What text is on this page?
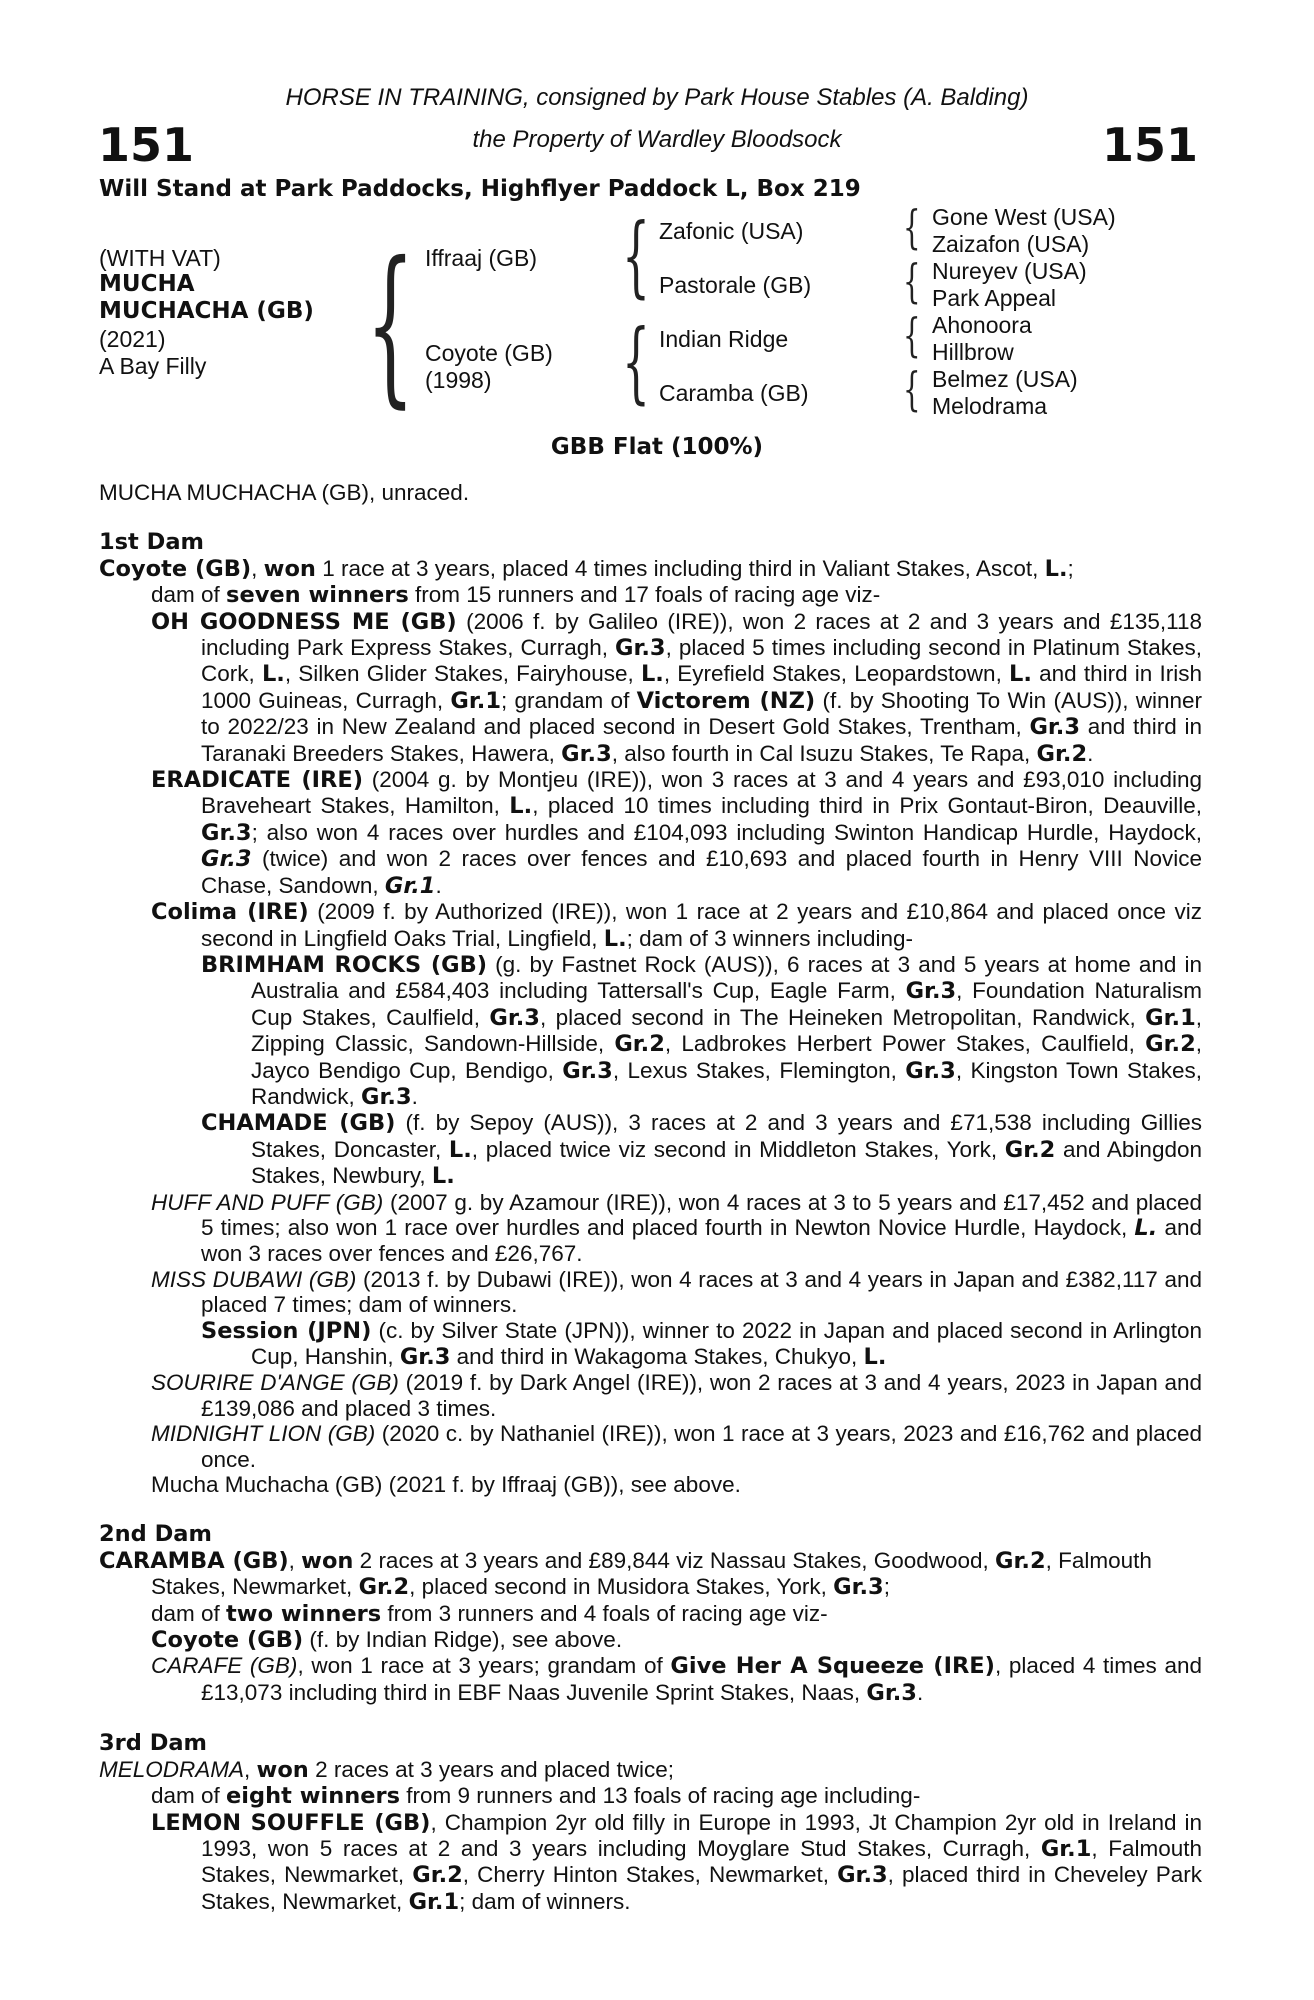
151	151
HORSE IN TRAINING, consigned by Park House Stables (A. Balding)
the Property of Wardley Bloodsock
Will Stand at Park Paddocks, Highflyer Paddock L, Box 219
(WITH VAT)
MUCHA
MUCHACHA (GB)
(2021)
A Bay Filly { {
{
{
{
{
{
Iffraaj (GB)
Coyote (GB)
(1998)
Zafonic (USA)
Pastorale (GB)
Indian Ridge
Caramba (GB)
Gone West (USA)
Zaizafon (USA)
Nureyev (USA)
Park Appeal
Ahonoora
Hillbrow
Belmez (USA)
Melodrama
GBB Flat (100%)

MUCHA MUCHACHA (GB), unraced.

1st Dam

Coyote (GB), won 1 race at 3 years, placed 4 times including third in Valiant Stakes, Ascot, L.;
dam of seven winners from 15 runners and 17 foals of racing age viz-

OH GOODNESS ME (GB) (2006 f. by Galileo (IRE)), won 2 races at 2 and 3 years and £135,118 including Park Express Stakes, Curragh, Gr.3, placed 5 times including second in Platinum Stakes, Cork, L., Silken Glider Stakes, Fairyhouse, L., Eyrefield Stakes, Leopardstown, L. and third in Irish 1000 Guineas, Curragh, Gr.1; grandam of Victorem (NZ) (f. by Shooting To Win (AUS)), winner to 2022/23 in New Zealand and placed second in Desert Gold Stakes, Trentham, Gr.3 and third in Taranaki Breeders Stakes, Hawera, Gr.3, also fourth in Cal Isuzu Stakes, Te Rapa, Gr.2.

ERADICATE (IRE) (2004 g. by Montjeu (IRE)), won 3 races at 3 and 4 years and £93,010 including Braveheart Stakes, Hamilton, L., placed 10 times including third in Prix Gontaut-Biron, Deauville, Gr.3; also won 4 races over hurdles and £104,093 including Swinton Handicap Hurdle, Haydock, Gr.3 (twice) and won 2 races over fences and £10,693 and placed fourth in Henry VIII Novice Chase, Sandown, Gr.1.

Colima (IRE) (2009 f. by Authorized (IRE)), won 1 race at 2 years and £10,864 and placed once viz second in Lingfield Oaks Trial, Lingfield, L.; dam of 3 winners including-

BRIMHAM ROCKS (GB) (g. by Fastnet Rock (AUS)), 6 races at 3 and 5 years at home and in Australia and £584,403 including Tattersall's Cup, Eagle Farm, Gr.3, Foundation Naturalism Cup Stakes, Caulfield, Gr.3, placed second in The Heineken Metropolitan, Randwick, Gr.1, Zipping Classic, Sandown-Hillside, Gr.2, Ladbrokes Herbert Power Stakes, Caulfield, Gr.2, Jayco Bendigo Cup, Bendigo, Gr.3, Lexus Stakes, Flemington, Gr.3, Kingston Town Stakes, Randwick, Gr.3.

CHAMADE (GB) (f. by Sepoy (AUS)), 3 races at 2 and 3 years and £71,538 including Gillies Stakes, Doncaster, L., placed twice viz second in Middleton Stakes, York, Gr.2 and Abingdon Stakes, Newbury, L.

HUFF AND PUFF (GB) (2007 g. by Azamour (IRE)), won 4 races at 3 to 5 years and £17,452 and placed 5 times; also won 1 race over hurdles and placed fourth in Newton Novice Hurdle, Haydock, L. and won 3 races over fences and £26,767.

MISS DUBAWI (GB) (2013 f. by Dubawi (IRE)), won 4 races at 3 and 4 years in Japan and £382,117 and placed 7 times; dam of winners.

Session (JPN) (c. by Silver State (JPN)), winner to 2022 in Japan and placed second in Arlington Cup, Hanshin, Gr.3 and third in Wakagoma Stakes, Chukyo, L.

SOURIRE D'ANGE (GB) (2019 f. by Dark Angel (IRE)), won 2 races at 3 and 4 years, 2023 in Japan and £139,086 and placed 3 times.

MIDNIGHT LION (GB) (2020 c. by Nathaniel (IRE)), won 1 race at 3 years, 2023 and £16,762 and placed once.

Mucha Muchacha (GB) (2021 f. by Iffraaj (GB)), see above.

2nd Dam

CARAMBA (GB), won 2 races at 3 years and £89,844 viz Nassau Stakes, Goodwood, Gr.2, Falmouth Stakes, Newmarket, Gr.2, placed second in Musidora Stakes, York, Gr.3;
dam of two winners from 3 runners and 4 foals of racing age viz-

Coyote (GB) (f. by Indian Ridge), see above.

CARAFE (GB), won 1 race at 3 years; grandam of Give Her A Squeeze (IRE), placed 4 times and £13,073 including third in EBF Naas Juvenile Sprint Stakes, Naas, Gr.3.

3rd Dam

MELODRAMA, won 2 races at 3 years and placed twice;
dam of eight winners from 9 runners and 13 foals of racing age including-

LEMON SOUFFLE (GB), Champion 2yr old filly in Europe in 1993, Jt Champion 2yr old in Ireland in 1993, won 5 races at 2 and 3 years including Moyglare Stud Stakes, Curragh, Gr.1, Falmouth Stakes, Newmarket, Gr.2, Cherry Hinton Stakes, Newmarket, Gr.3, placed third in Cheveley Park Stakes, Newmarket, Gr.1; dam of winners.
